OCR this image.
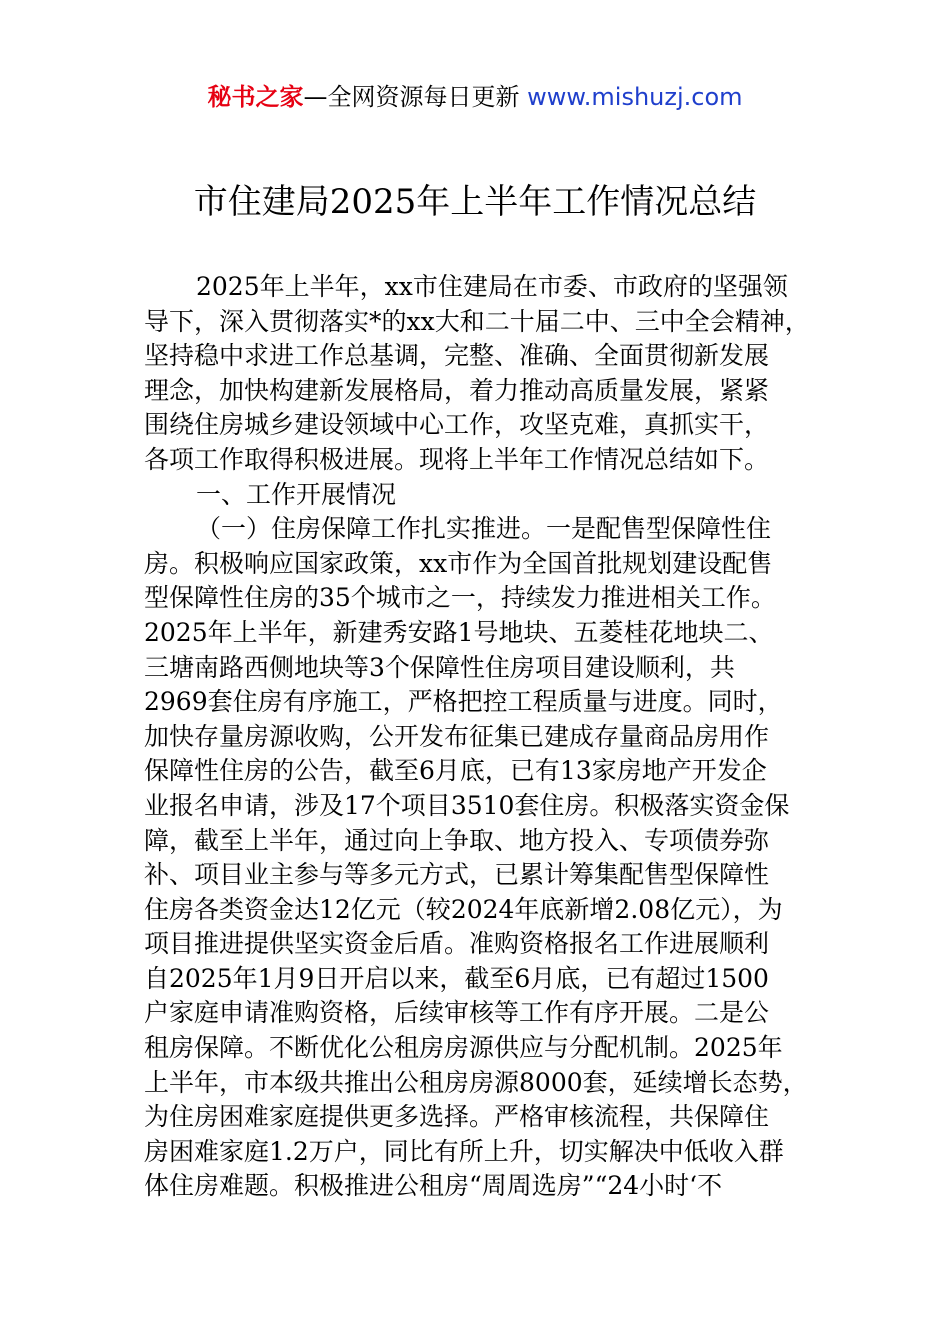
秘书之家—全网资源每日更新 www.mishuzj.com
市住建局2025年上半年工作情况总结
2025年上半年，xx市住建局在市委、市政府的坚强领
导下，深入贯彻落实*的xx大和二十届二中、三中全会精神，
坚持稳中求进工作总基调，完整、准确、全面贯彻新发展
理念，加快构建新发展格局，着力推动高质量发展，紧紧
围绕住房城乡建设领域中心工作，攻坚克难，真抓实干，
各项工作取得积极进展。现将上半年工作情况总结如下。
一、工作开展情况
（一）住房保障工作扎实推进。一是配售型保障性住
房。积极响应国家政策，xx市作为全国首批规划建设配售
型保障性住房的35个城市之一，持续发力推进相关工作。
2025年上半年，新建秀安路1号地块、五菱桂花地块二、
三塘南路西侧地块等3个保障性住房项目建设顺利，共
2969套住房有序施工，严格把控工程质量与进度。同时，
加快存量房源收购，公开发布征集已建成存量商品房用作
保障性住房的公告，截至6月底，已有13家房地产开发企
业报名申请，涉及17个项目3510套住房。积极落实资金保
障，截至上半年，通过向上争取、地方投入、专项债券弥
补、项目业主参与等多元方式，已累计筹集配售型保障性
住房各类资金达12亿元（较2024年底新增2.08亿元），为
项目推进提供坚实资金后盾。准购资格报名工作进展顺利
自2025年1月9日开启以来，截至6月底，已有超过1500
户家庭申请准购资格，后续审核等工作有序开展。二是公
租房保障。不断优化公租房房源供应与分配机制。2025年
上半年，市本级共推出公租房房源8000套，延续增长态势，
为住房困难家庭提供更多选择。严格审核流程，共保障住
房困难家庭1.2万户，同比有所上升，切实解决中低收入群
体住房难题。积极推进公租房“周周选房”“24小时‘不
